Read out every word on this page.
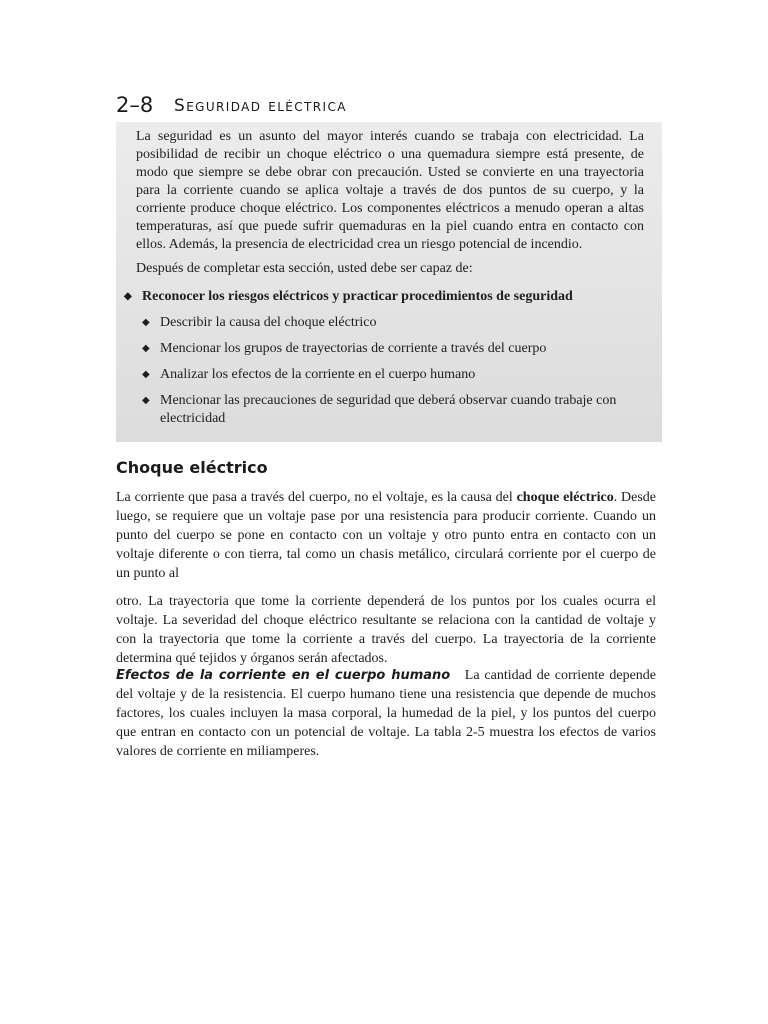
2–8 Seguridad eléctrica

La seguridad es un asunto del mayor interés cuando se trabaja con electricidad. La posibilidad de recibir un choque eléctrico o una quemadura siempre está presente, de modo que siempre se debe obrar con precaución. Usted se convierte en una trayectoria para la corriente cuando se aplica voltaje a través de dos puntos de su cuerpo, y la corriente produce choque eléctrico. Los componentes eléctricos a menudo operan a altas temperaturas, así que puede sufrir quemaduras en la piel cuando entra en contacto con ellos. Además, la presencia de electricidad crea un riesgo potencial de incendio.

Después de completar esta sección, usted debe ser capaz de:

◆ Reconocer los riesgos eléctricos y practicar procedimientos de seguridad
◆ Describir la causa del choque eléctrico
◆ Mencionar los grupos de trayectorias de corriente a través del cuerpo
◆ Analizar los efectos de la corriente en el cuerpo humano
◆ Mencionar las precauciones de seguridad que deberá observar cuando trabaje con electricidad
Choque eléctrico

La corriente que pasa a través del cuerpo, no el voltaje, es la causa del choque eléctrico. Desde luego, se requiere que un voltaje pase por una resistencia para producir corriente. Cuando un punto del cuerpo se pone en contacto con un voltaje y otro punto entra en contacto con un voltaje diferente o con tierra, tal como un chasis metálico, circulará corriente por el cuerpo de un punto al

otro. La trayectoria que tome la corriente dependerá de los puntos por los cuales ocurra el voltaje. La severidad del choque eléctrico resultante se relaciona con la cantidad de voltaje y con la trayectoria que tome la corriente a través del cuerpo. La trayectoria de la corriente determina qué tejidos y órganos serán afectados.

Efectos de la corriente en el cuerpo humano   La cantidad de corriente depende del voltaje y de la resistencia. El cuerpo humano tiene una resistencia que depende de muchos factores, los cuales incluyen la masa corporal, la humedad de la piel, y los puntos del cuerpo que entran en contacto con un potencial de voltaje. La tabla 2-5 muestra los efectos de varios valores de corriente en miliamperes.
